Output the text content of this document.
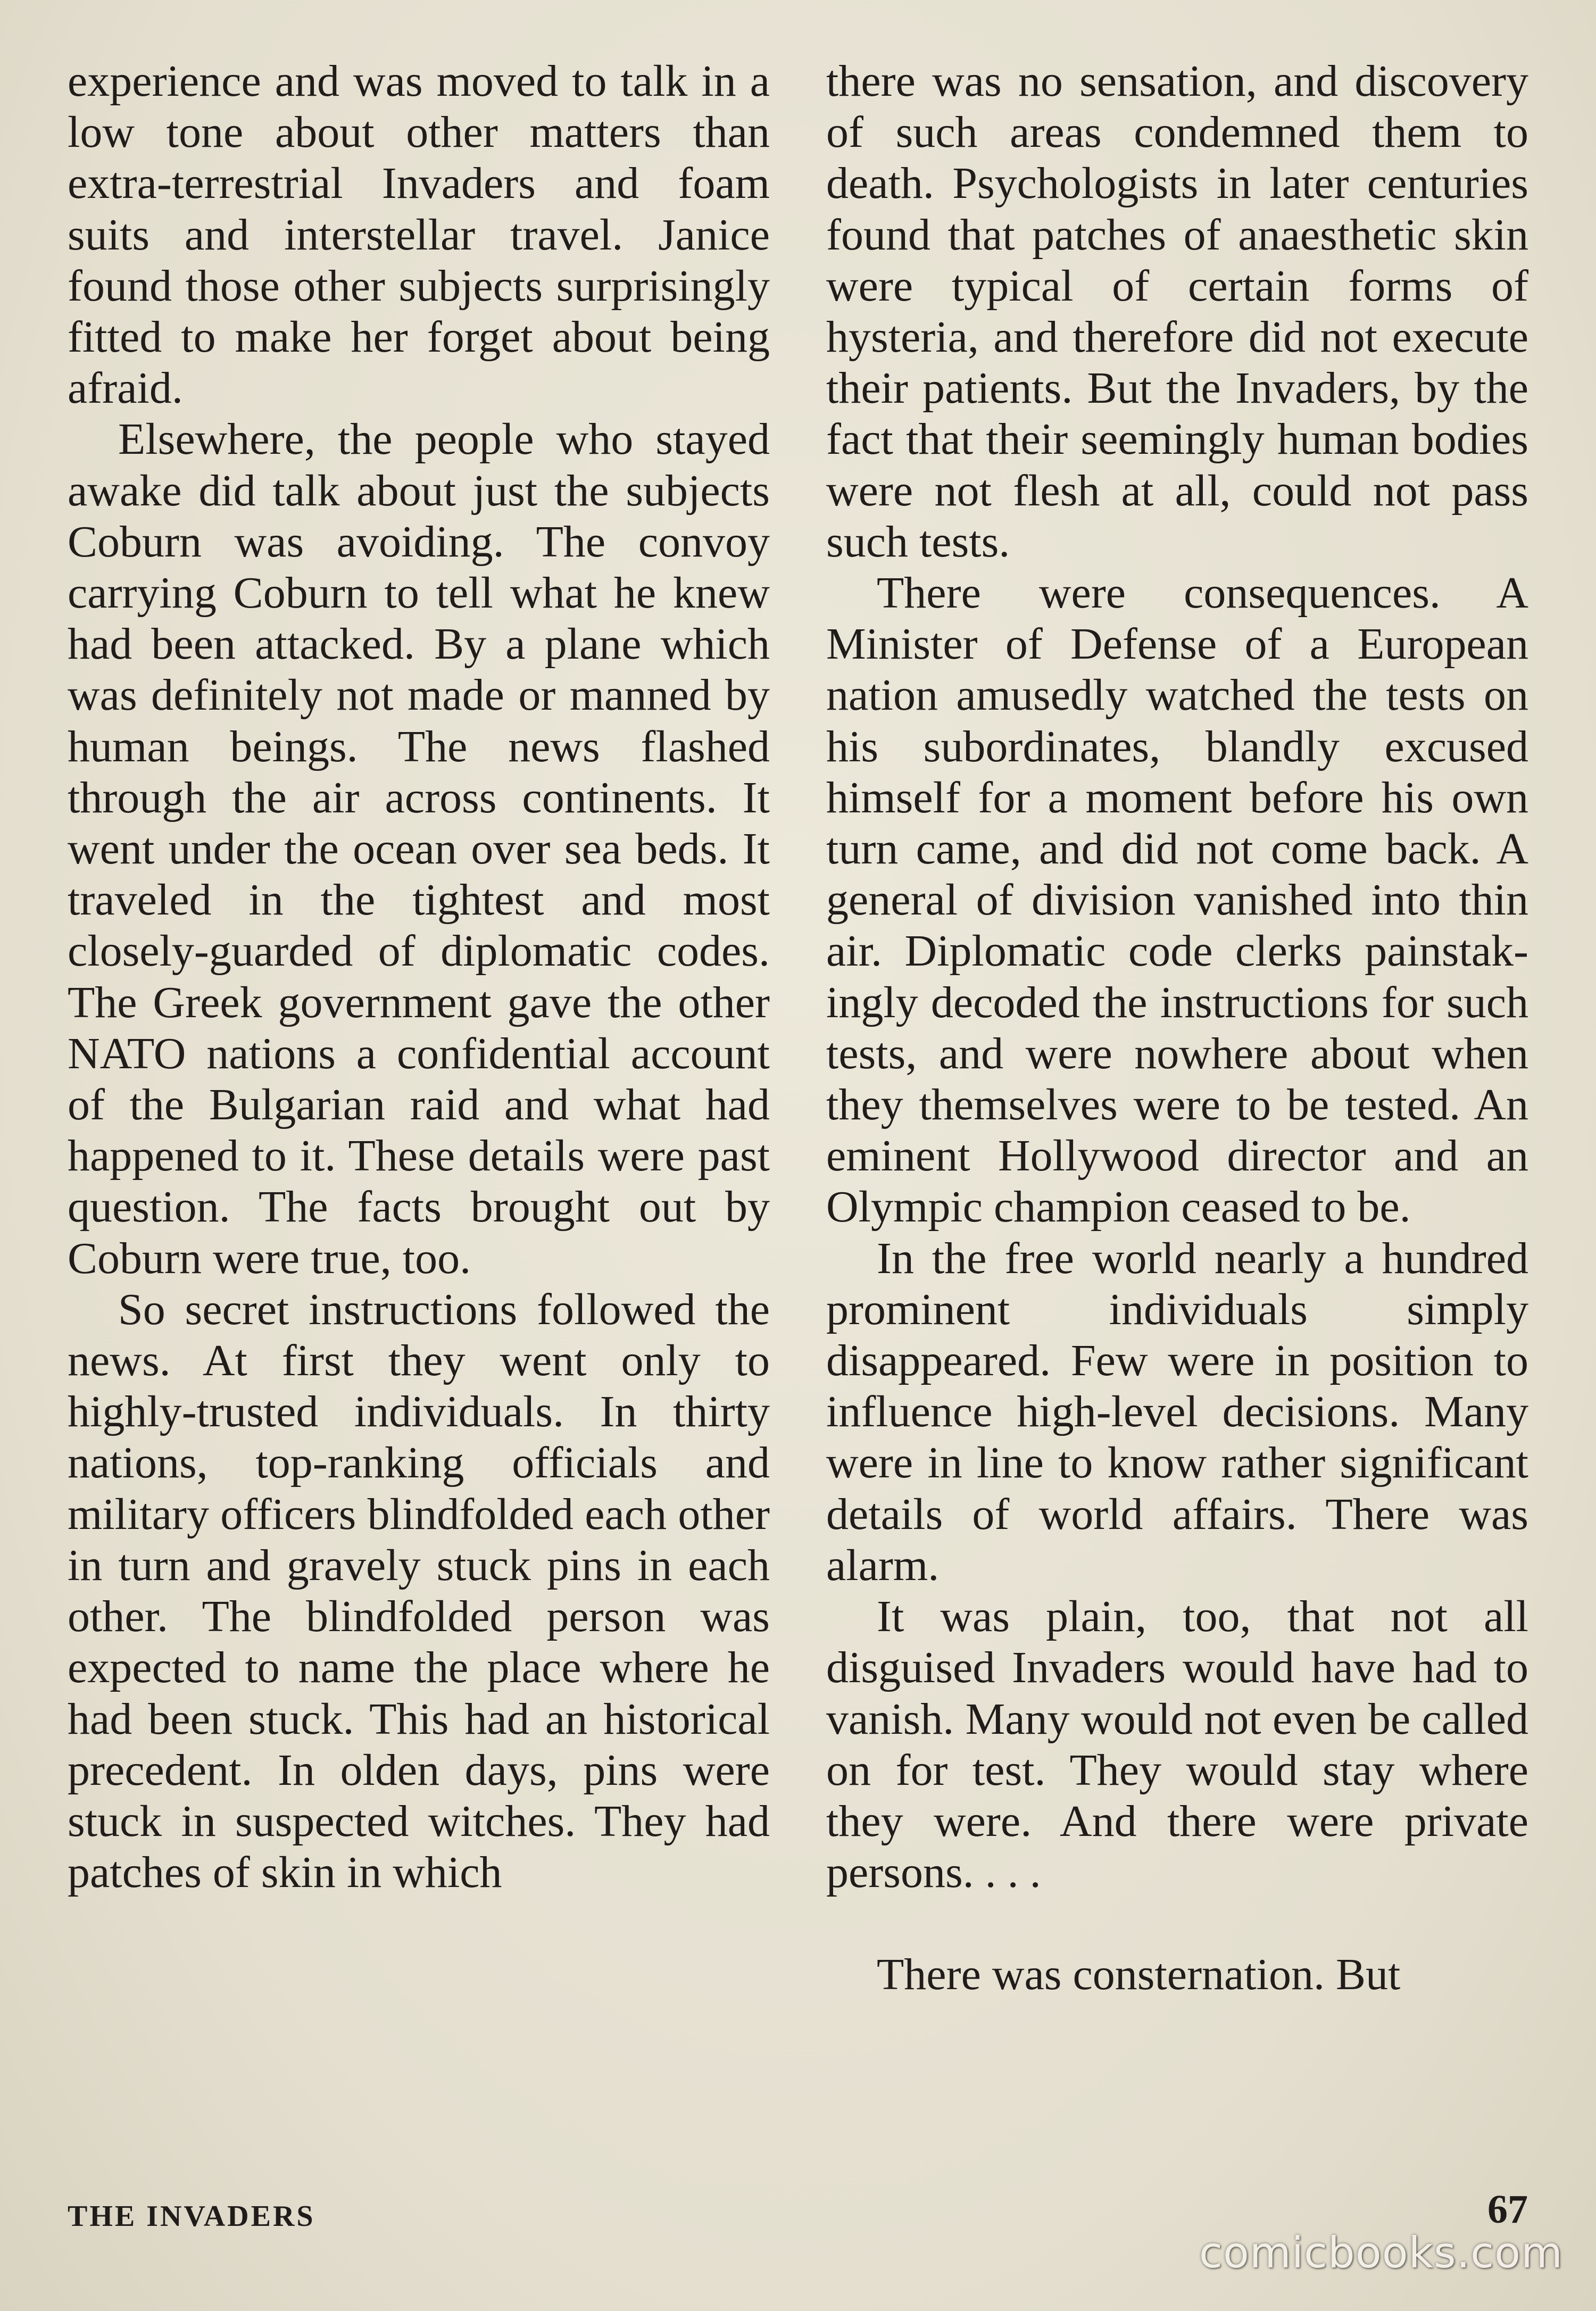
experience and was moved to talk in a low tone about other matters than extra-terrestrial Invaders and foam suits and interstellar travel. Janice found those other subjects surprisingly fitted to make her forget about being afraid.

Elsewhere, the people who stayed awake did talk about just the subjects Coburn was avoiding. The convoy carrying Coburn to tell what he knew had been attacked. By a plane which was definitely not made or manned by human beings. The news flashed through the air across continents. It went under the ocean over sea beds. It traveled in the tightest and most closely-guarded of diplomatic codes. The Greek government gave the other NATO nations a confidential account of the Bulgarian raid and what had happened to it. These details were past question. The facts brought out by Coburn were true, too.

So secret instructions followed the news. At first they went only to highly-trusted individuals. In thirty nations, top-ranking officials and military officers blindfolded each other in turn and gravely stuck pins in each other. The blindfolded person was expected to name the place where he had been stuck. This had an historical precedent. In olden days, pins were stuck in suspected witches. They had patches of skin in which

there was no sensation, and discovery of such areas condemned them to death. Psychologists in later centuries found that patches of anaesthetic skin were typical of certain forms of hysteria, and therefore did not execute their patients. But the Invaders, by the fact that their seemingly human bodies were not flesh at all, could not pass such tests.

There were consequences. A Minister of Defense of a European nation amusedly watched the tests on his subordinates, blandly excused himself for a moment before his own turn came, and did not come back. A general of division vanished into thin air. Diplomatic code clerks painstakingly decoded the instructions for such tests, and were nowhere about when they themselves were to be tested. An eminent Hollywood director and an Olympic champion ceased to be.

In the free world nearly a hundred prominent individuals simply disappeared. Few were in position to influence high-level decisions. Many were in line to know rather significant details of world affairs. There was alarm.

It was plain, too, that not all disguised Invaders would have had to vanish. Many would not even be called on for test. They would stay where they were. And there were private persons. . . .

There was consternation. But

THE INVADERS	67
comicbooks.com
